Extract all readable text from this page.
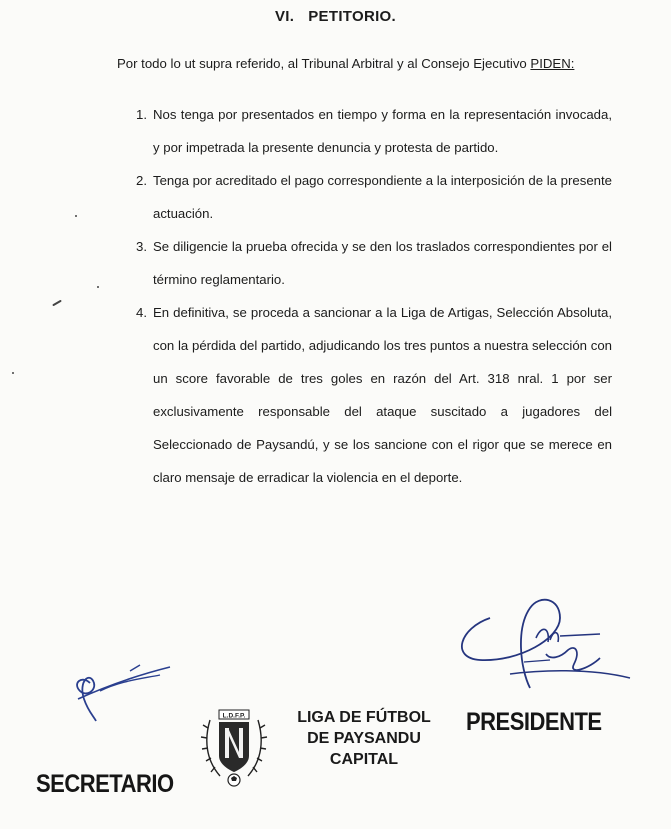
VI. PETITORIO.
Por todo lo ut supra referido, al Tribunal Arbitral y al Consejo Ejecutivo PIDEN:
1. Nos tenga por presentados en tiempo y forma en la representación invocada, y por impetrada la presente denuncia y protesta de partido.
2. Tenga por acreditado el pago correspondiente a la interposición de la presente actuación.
3. Se diligencie la prueba ofrecida y se den los traslados correspondientes por el término reglamentario.
4. En definitiva, se proceda a sancionar a la Liga de Artigas, Selección Absoluta, con la pérdida del partido, adjudicando los tres puntos a nuestra selección con un score favorable de tres goles en razón del Art. 318 nral. 1 por ser exclusivamente responsable del ataque suscitado a jugadores del Seleccionado de Paysandú, y se los sancione con el rigor que se merece en claro mensaje de erradicar la violencia en el deporte.
SECRETARIO
L.D.F.P.	LIGA DE FÚTBOL
DE PAYSANDU
CAPITAL
PRESIDENTE
